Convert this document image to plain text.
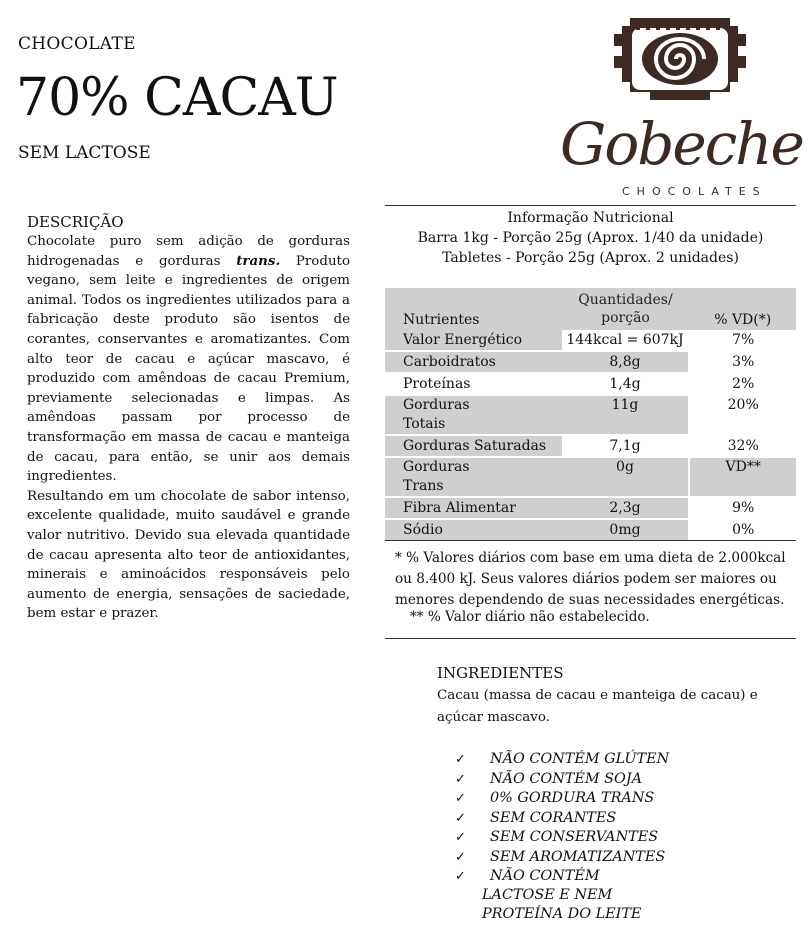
CHOCOLATE
70% CACAU
SEM LACTOSE	Gobeche
CHOCOLATES
DESCRIÇÃO

Chocolate puro sem adição de gorduras hidrogenadas e gorduras trans. Produto vegano, sem leite e ingredientes de origem animal. Todos os ingredientes utilizados para a fabricação deste produto são isentos de corantes, conservantes e aromatizantes. Com alto teor de cacau e açúcar mascavo, é produzido com amêndoas de cacau Premium, previamente selecionadas e limpas. As amêndoas passam por processo de transformação em massa de cacau e manteiga de cacau, para então, se unir aos demais ingredientes.

Resultando em um chocolate de sabor intenso, excelente qualidade, muito saudável e grande valor nutritivo. Devido sua elevada quantidade de cacau apresenta alto teor de antioxidantes, minerais e aminoácidos responsáveis pelo aumento de energia, sensações de saciedade, bem estar e prazer.

Informação Nutricional
Barra 1kg - Porção 25g (Aprox. 1/40 da unidade)
Tabletes - Porção 25g (Aprox. 2 unidades)
Nutrientes	Quantidades/ porção	% VD(*)
Valor Energético	144kcal = 607kJ	7%
Carboidratos	8,8g	3%
Proteínas	1,4g	2%
Gorduras Totais	11g	20%
Gorduras Saturadas	7,1g	32%
Gorduras Trans	0g	VD**
Fibra Alimentar	2,3g	9%
Sódio	0mg	0%
* % Valores diários com base em uma dieta de 2.000kcal ou 8.400 kJ. Seus valores diários podem ser maiores ou menores dependendo de suas necessidades energéticas.
** % Valor diário não estabelecido.
INGREDIENTES
Cacau (massa de cacau e manteiga de cacau) e açúcar mascavo.
✓ NÃO CONTÉM GLÚTEN
✓ NÃO CONTÉM SOJA
✓ 0% GORDURA TRANS
✓ SEM CORANTES
✓ SEM CONSERVANTES
✓ SEM AROMATIZANTES
✓ NÃO CONTÉM
LACTOSE E NEM
PROTEÍNA DO LEITE
